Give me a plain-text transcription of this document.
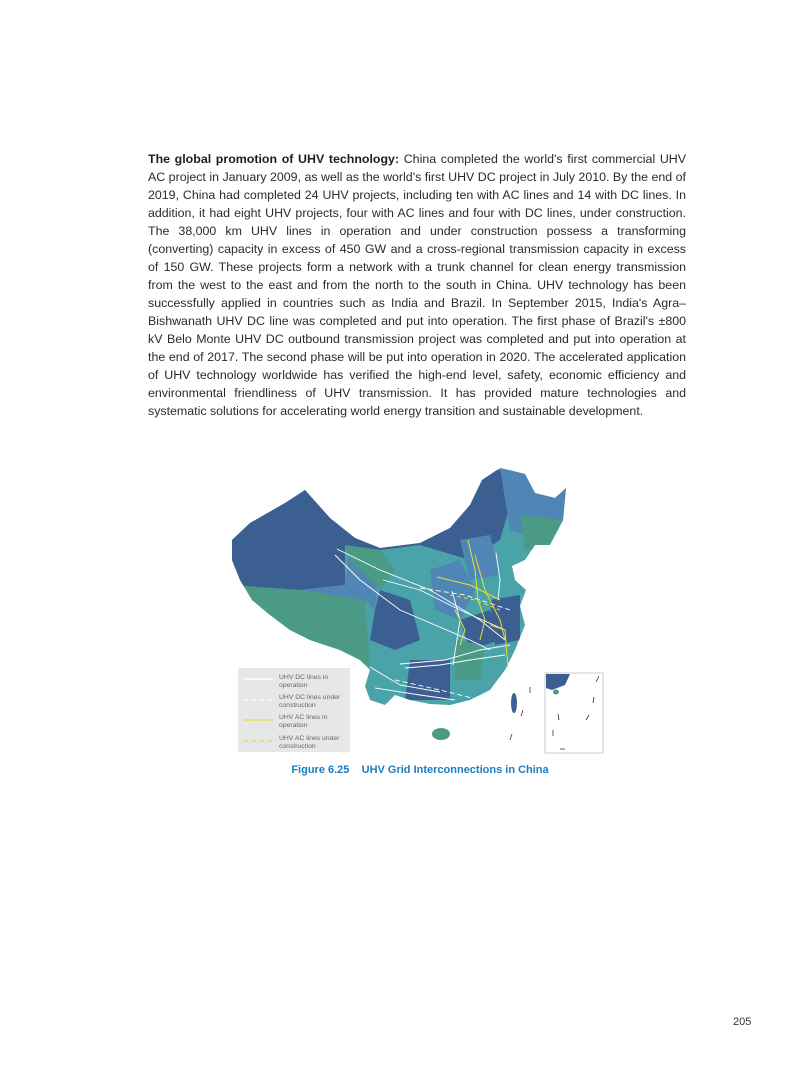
The global promotion of UHV technology: China completed the world's first commercial UHV AC project in January 2009, as well as the world's first UHV DC project in July 2010. By the end of 2019, China had completed 24 UHV projects, including ten with AC lines and 14 with DC lines. In addition, it had eight UHV projects, four with AC lines and four with DC lines, under construction. The 38,000 km UHV lines in operation and under construction possess a transforming (converting) capacity in excess of 450 GW and a cross-regional transmission capacity in excess of 150 GW. These projects form a network with a trunk channel for clean energy transmission from the west to the east and from the north to the south in China. UHV technology has been successfully applied in countries such as India and Brazil. In September 2015, India's Agra–Bishwanath UHV DC line was completed and put into operation. The first phase of Brazil's ±800 kV Belo Monte UHV DC outbound transmission project was completed and put into operation at the end of 2017. The second phase will be put into operation in 2020. The accelerated application of UHV technology worldwide has verified the high-end level, safety, economic efficiency and environmental friendliness of UHV transmission. It has provided mature technologies and systematic solutions for accelerating world energy transition and sustainable development.

UHV DC lines in
operation
UHV DC lines under
construction
UHV AC lines in
operation
UHV AC lines under
construction
Figure 6.25    UHV Grid Interconnections in China
205
